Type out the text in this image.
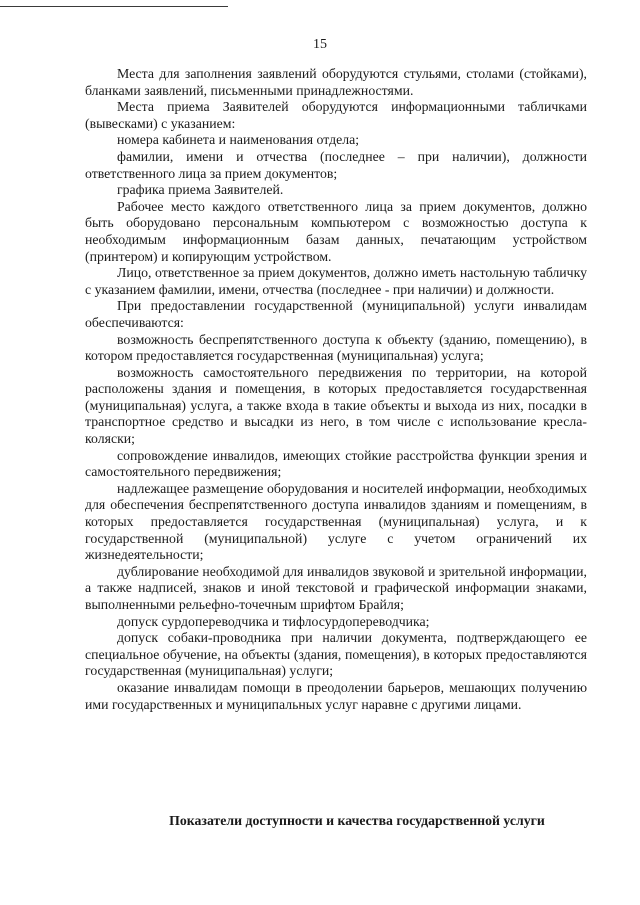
15

Места для заполнения заявлений оборудуются стульями, столами (стойками), бланками заявлений, письменными принадлежностями.

Места приема Заявителей оборудуются информационными табличками (вывесками) с указанием:

номера кабинета и наименования отдела;

фамилии, имени и отчества (последнее – при наличии), должности ответственного лица за прием документов;

графика приема Заявителей.

Рабочее место каждого ответственного лица за прием документов, должно быть оборудовано персональным компьютером с возможностью доступа к необходимым информационным базам данных, печатающим устройством (принтером) и копирующим устройством.

Лицо, ответственное за прием документов, должно иметь настольную табличку с указанием фамилии, имени, отчества (последнее - при наличии) и должности.

При предоставлении государственной (муниципальной) услуги инвалидам обеспечиваются:

возможность беспрепятственного доступа к объекту (зданию, помещению), в котором предоставляется государственная (муниципальная) услуга;

возможность самостоятельного передвижения по территории, на которой расположены здания и помещения, в которых предоставляется государственная (муниципальная) услуга, а также входа в такие объекты и выхода из них, посадки в транспортное средство и высадки из него, в том числе с использование кресла-коляски;

сопровождение инвалидов, имеющих стойкие расстройства функции зрения и самостоятельного передвижения;

надлежащее размещение оборудования и носителей информации, необходимых для обеспечения беспрепятственного доступа инвалидов зданиям и помещениям, в которых предоставляется государственная (муниципальная) услуга, и к государственной (муниципальной) услуге с учетом ограничений их жизнедеятельности;

дублирование необходимой для инвалидов звуковой и зрительной информации, а также надписей, знаков и иной текстовой и графической информации знаками, выполненными рельефно-точечным шрифтом Брайля;

допуск сурдопереводчика и тифлосурдопереводчика;

допуск собаки-проводника при наличии документа, подтверждающего ее специальное обучение, на объекты (здания, помещения), в которых предоставляются государственная (муниципальная) услуги;

оказание инвалидам помощи в преодолении барьеров, мешающих получению ими государственных и муниципальных услуг наравне с другими лицами.

Показатели доступности и качества государственной услуги
